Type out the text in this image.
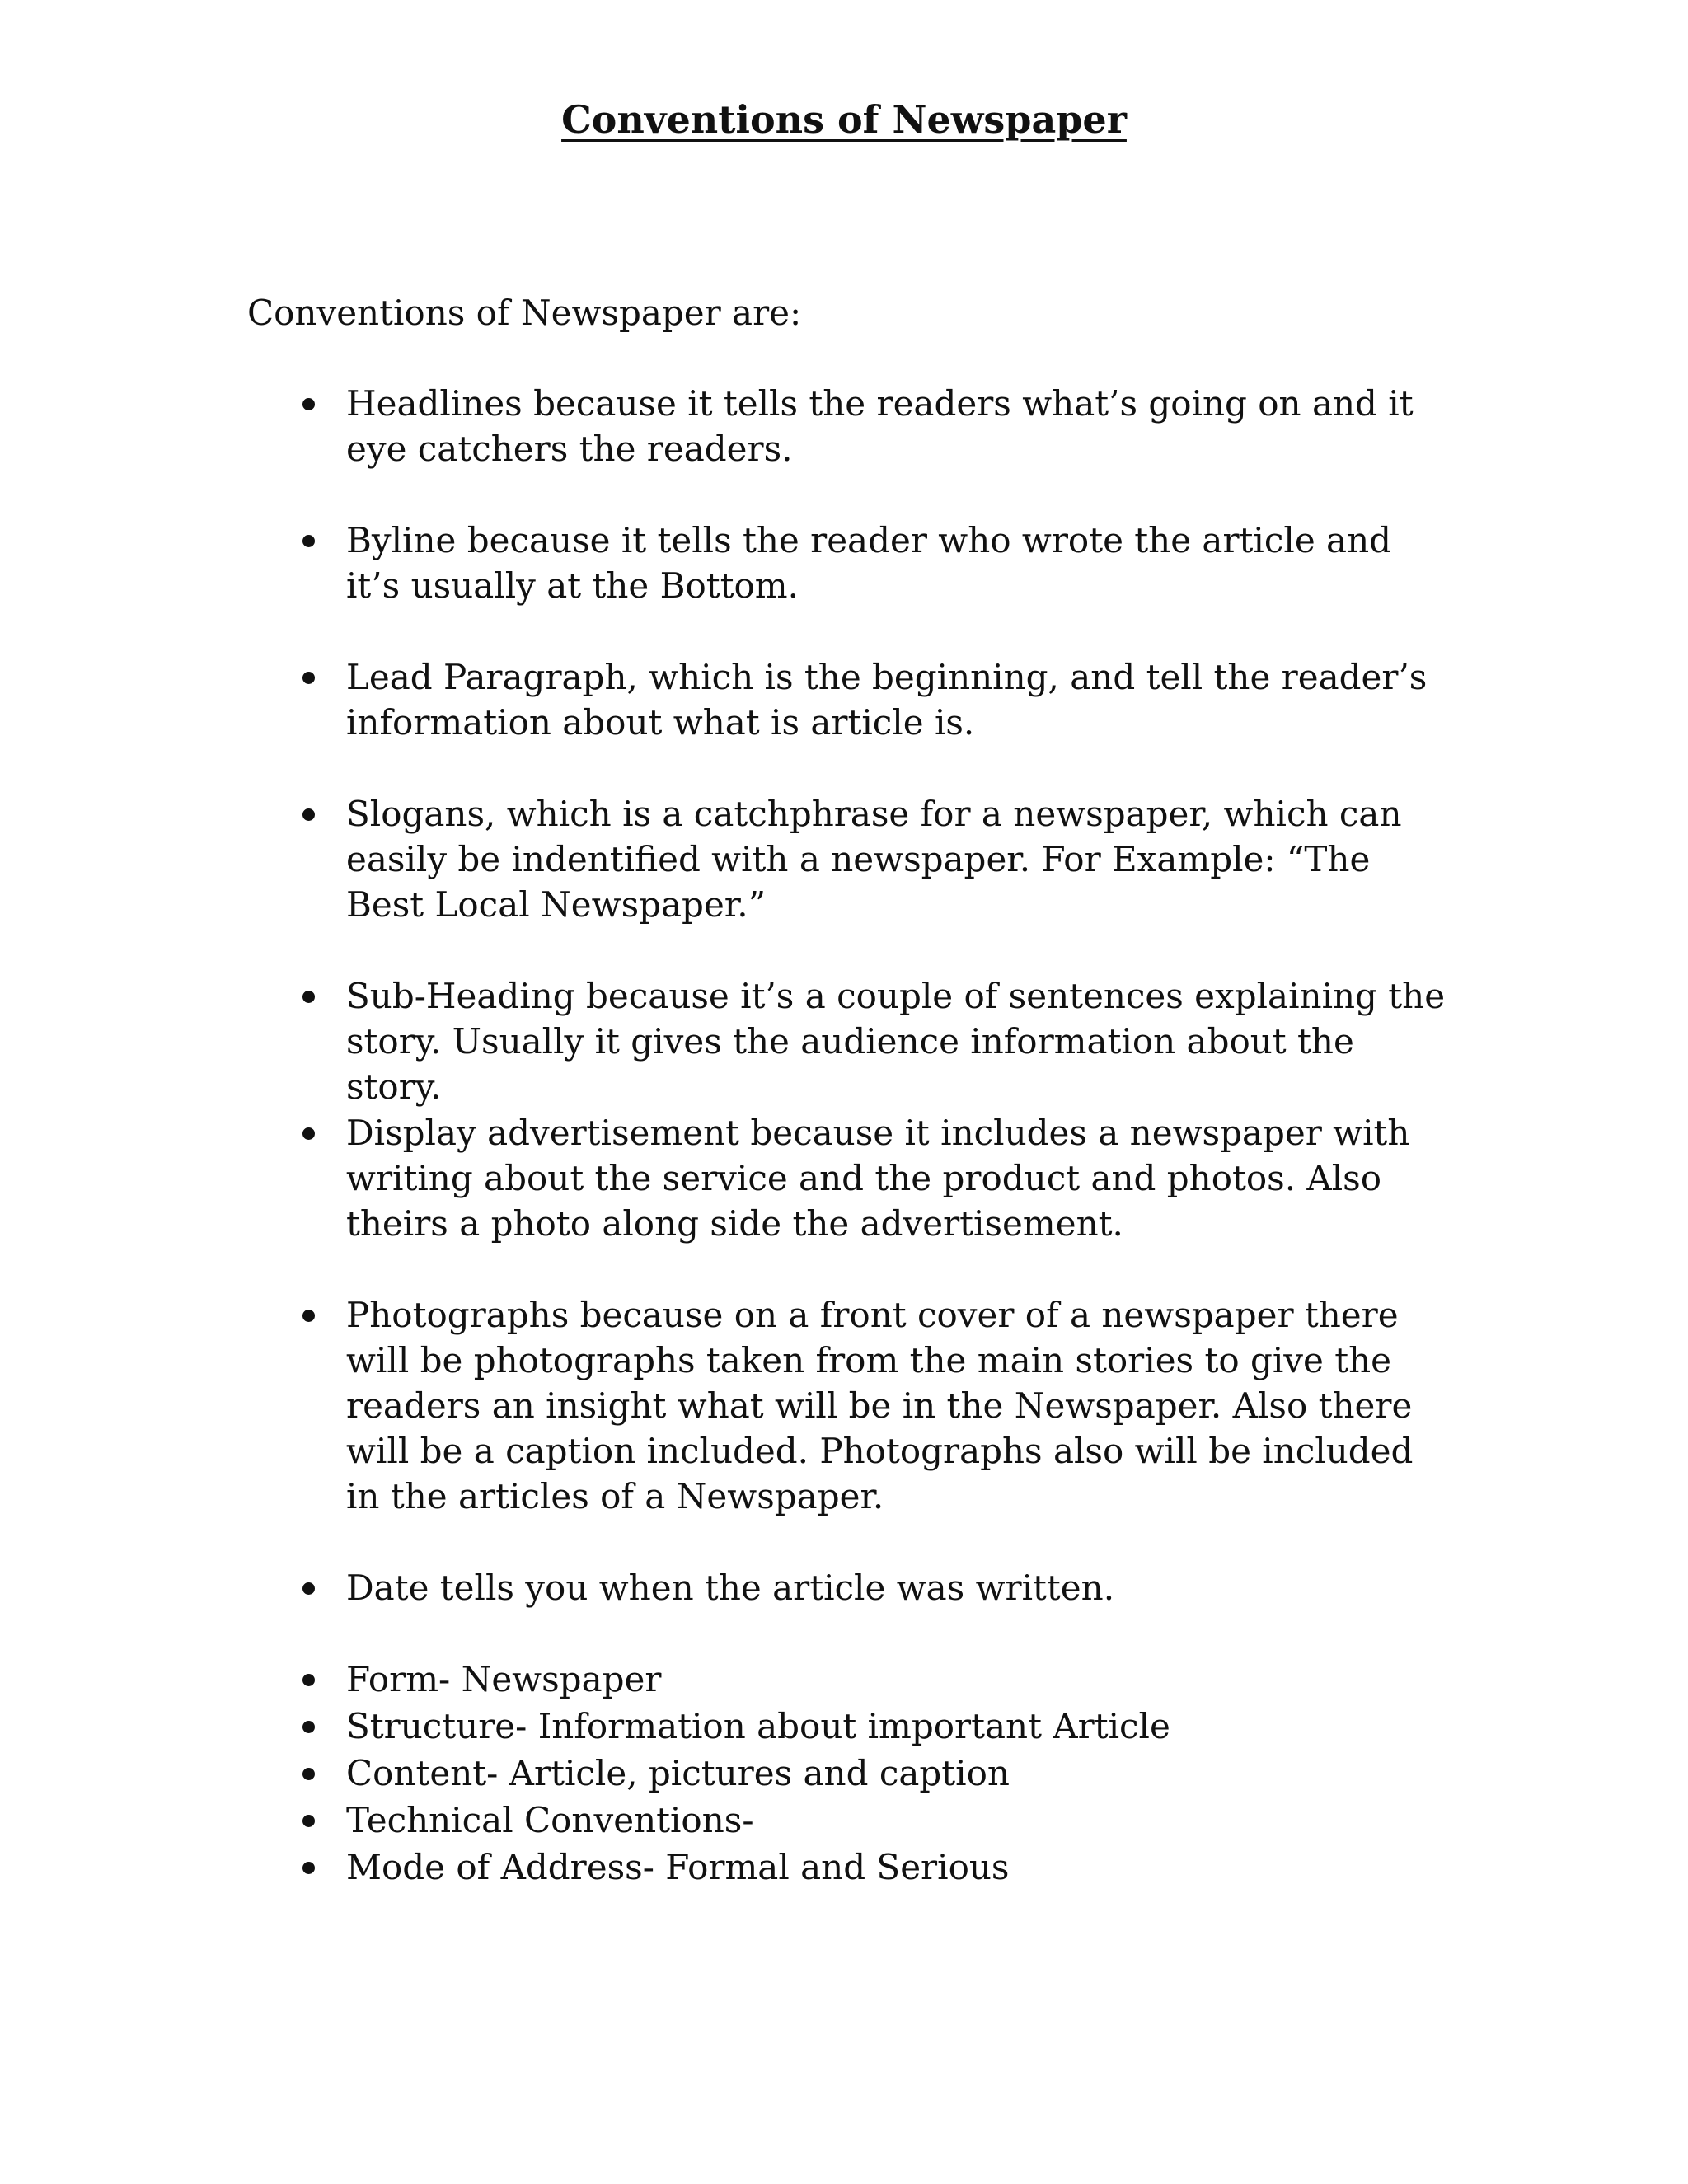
Conventions of Newspaper

Conventions of Newspaper are:

Headlines because it tells the readers what’s going on and it eye catchers the readers.
Byline because it tells the reader who wrote the article and it’s usually at the Bottom.
Lead Paragraph, which is the beginning, and tell the reader’s information about what is article is.
Slogans, which is a catchphrase for a newspaper, which can easily be indentified with a newspaper. For Example: “The Best Local Newspaper.”
Sub-Heading because it’s a couple of sentences explaining the story. Usually it gives the audience information about the story.
Display advertisement because it includes a newspaper with writing about the service and the product and photos. Also theirs a photo along side the advertisement.
Photographs because on a front cover of a newspaper there will be photographs taken from the main stories to give the readers an insight what will be in the Newspaper. Also there will be a caption included. Photographs also will be included in the articles of a Newspaper.
Date tells you when the article was written.
Form- Newspaper
Structure- Information about important Article
Content- Article, pictures and caption
Technical Conventions-
Mode of Address- Formal and Serious
